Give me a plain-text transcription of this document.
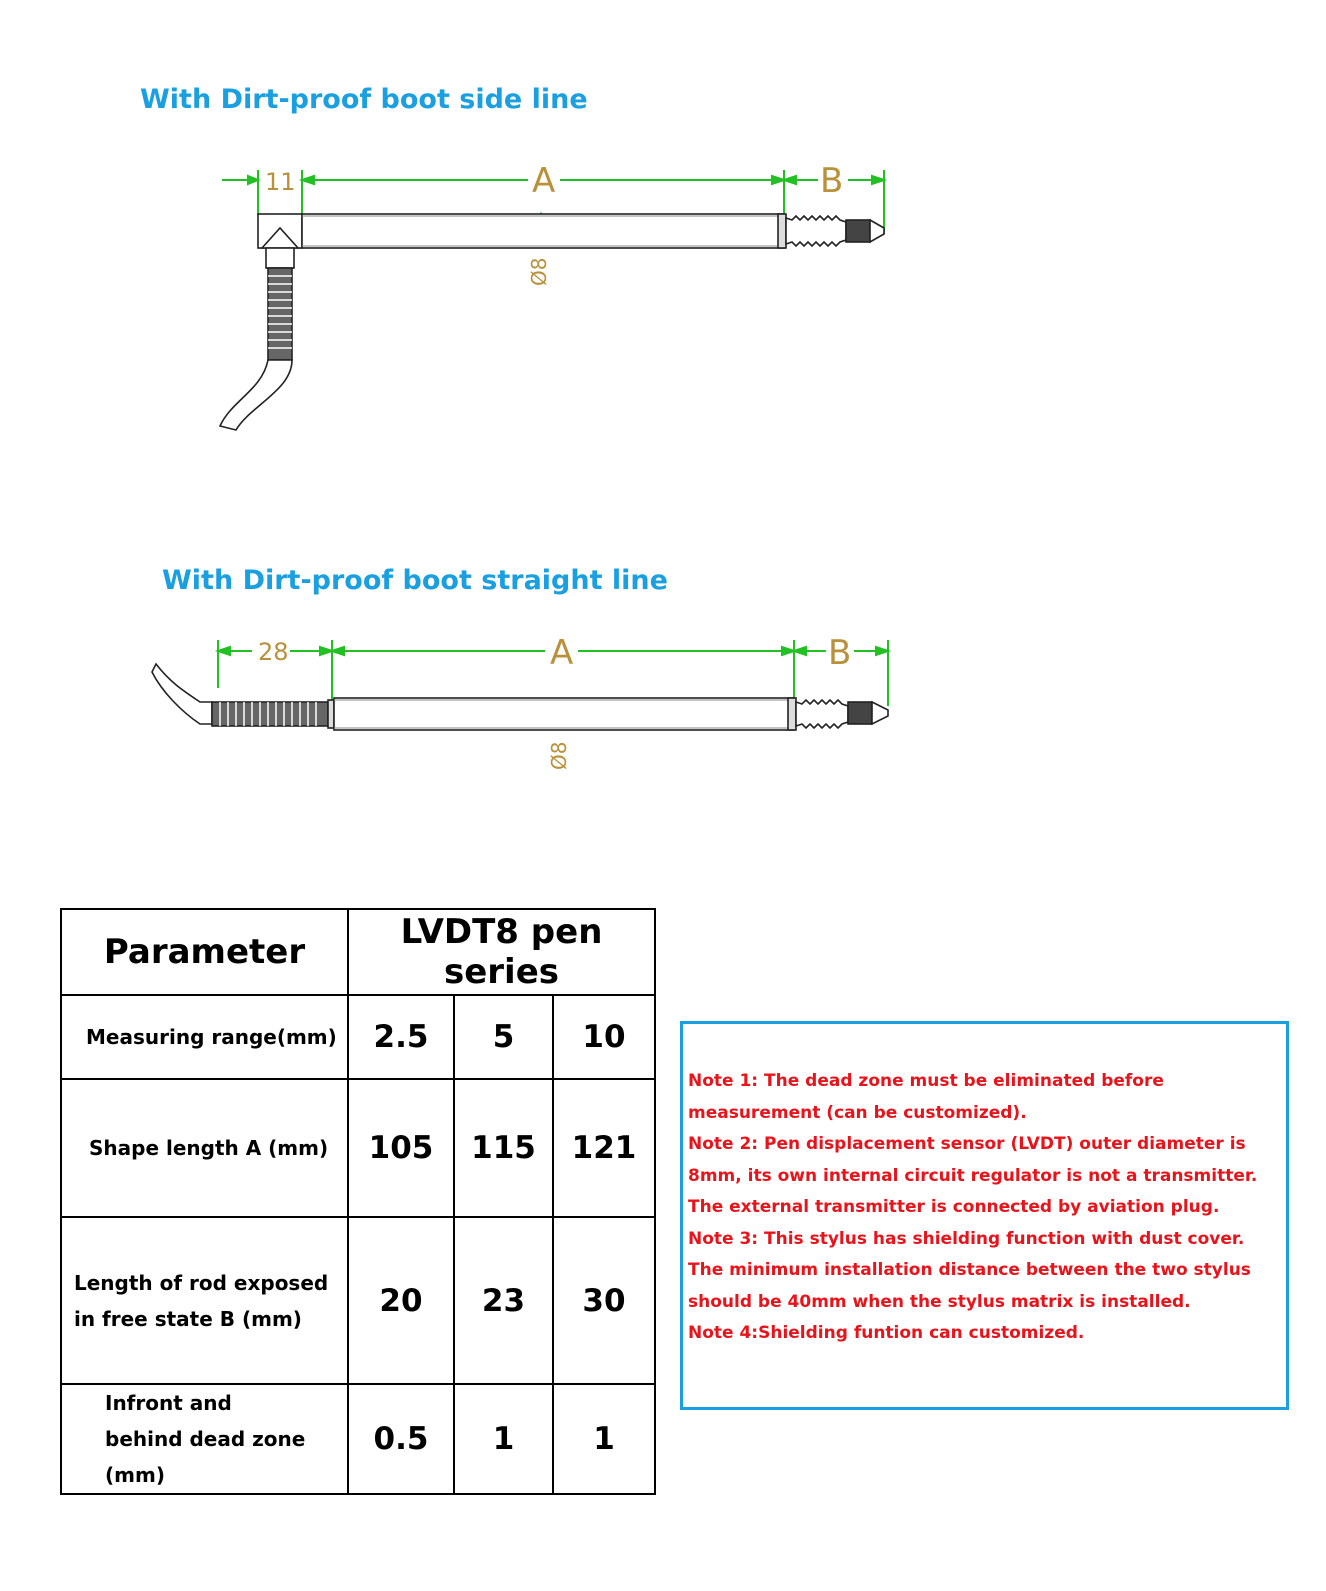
With Dirt-proof boot side line
11	A	B
Ø8
With Dirt-proof boot straight line
28	A	B
Ø8
Parameter	LVDT8 pen series		
Measuring range(mm)	2.5	5	10
Shape length A (mm)	105	115	121
Length of rod exposed in free state B (mm)	20	23	30
Infront and behind dead zone (mm)	0.5	1	1

Note 1: The dead zone must be eliminated before measurement (can be customized).

Note 2: Pen displacement sensor (LVDT) outer diameter is 8mm, its own internal circuit regulator is not a transmitter. The external transmitter is connected by aviation plug.

Note 3: This stylus has shielding function with dust cover. The minimum installation distance between the two stylus should be 40mm when the stylus matrix is installed.

Note 4:Shielding funtion can customized.
